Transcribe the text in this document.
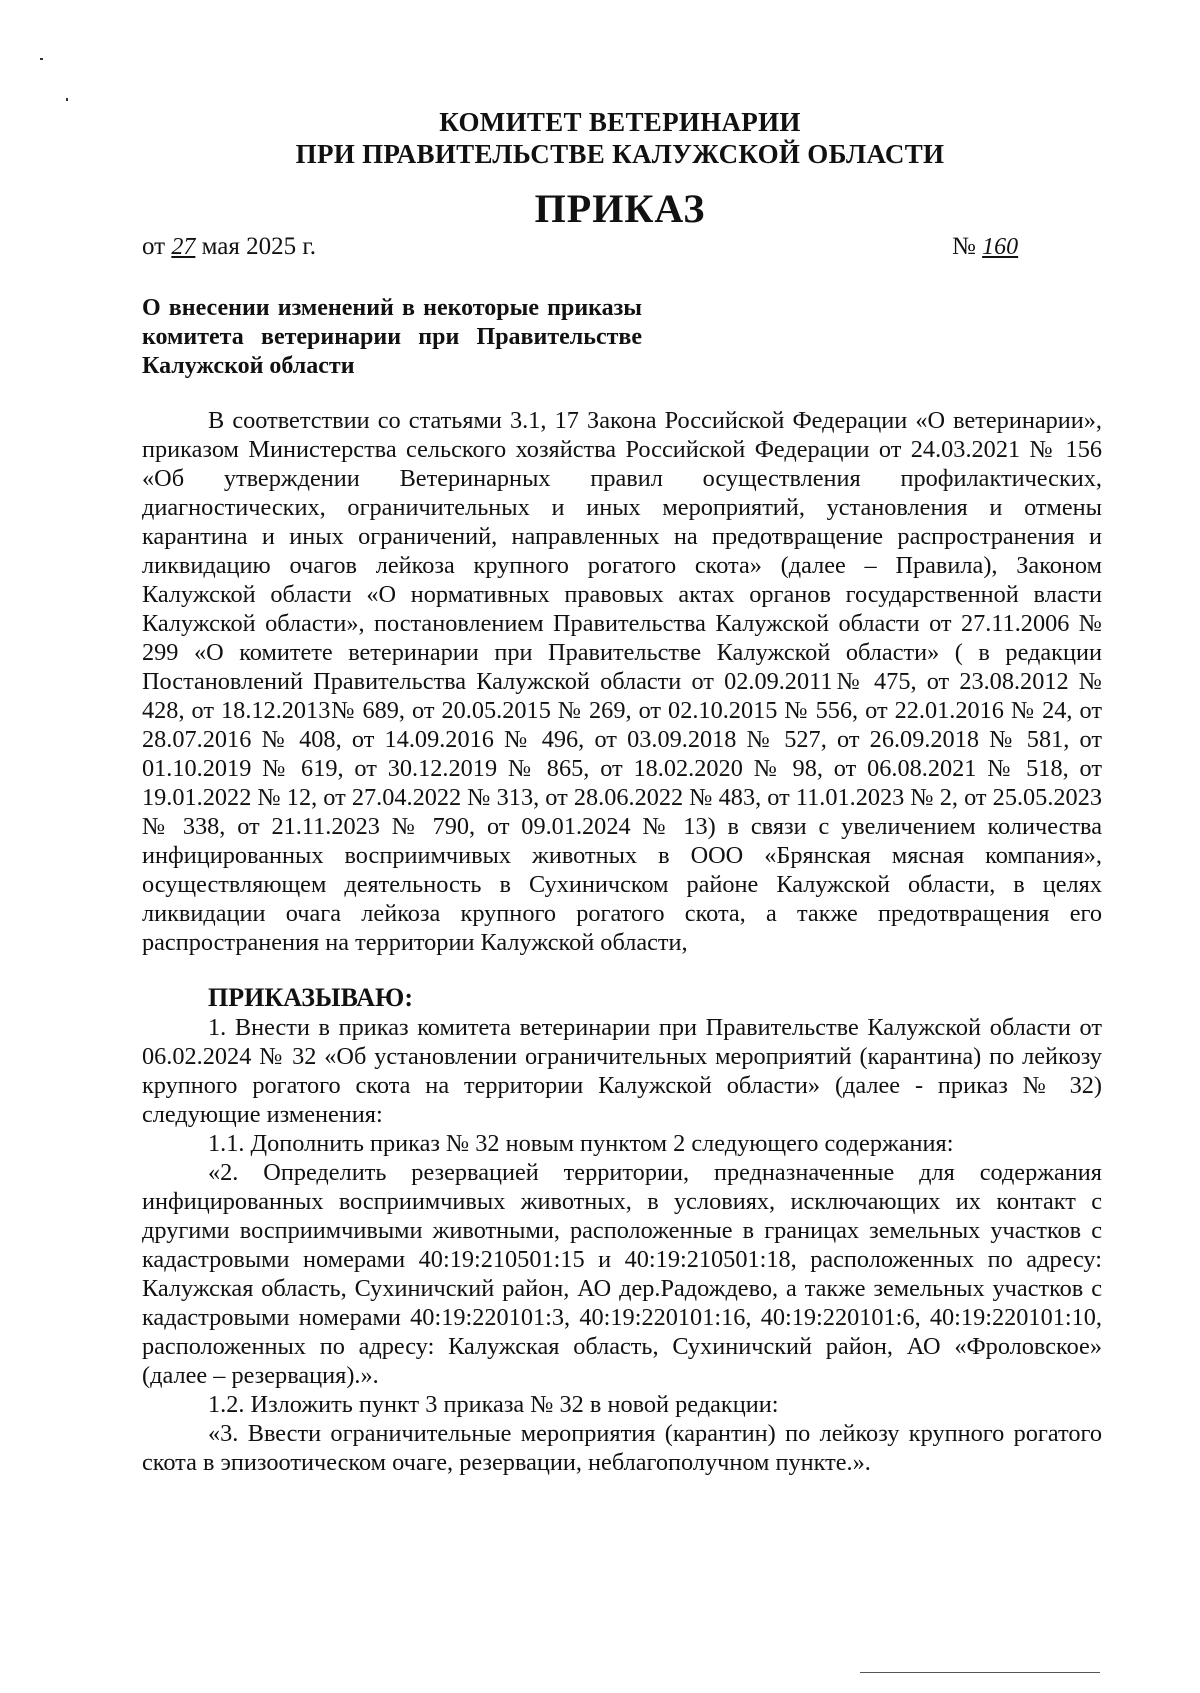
КОМИТЕТ ВЕТЕРИНАРИИ
ПРИ ПРАВИТЕЛЬСТВЕ КАЛУЖСКОЙ ОБЛАСТИ
ПРИКАЗ
от 27 мая 2025 г.	№ 160
О внесении изменений в некоторые приказы комитета ветеринарии при Правительстве Калужской области

В соответствии со статьями 3.1, 17 Закона Российской Федерации «О ветеринарии», приказом Министерства сельского хозяйства Российской Федерации от 24.03.2021 № 156 «Об утверждении Ветеринарных правил осуществления профилактических, диагностических, ограничительных и иных мероприятий, установления и отмены карантина и иных ограничений, направленных на предотвращение распространения и ликвидацию очагов лейкоза крупного рогатого скота» (далее – Правила), Законом Калужской области «О нормативных правовых актах органов государственной власти Калужской области», постановлением Правительства Калужской области от 27.11.2006 № 299 «О комитете ветеринарии при Правительстве Калужской области» ( в редакции Постановлений Правительства Калужской области от 02.09.2011№ 475, от 23.08.2012 № 428, от 18.12.2013№ 689, от 20.05.2015 № 269, от 02.10.2015 № 556, от 22.01.2016 № 24, от 28.07.2016 № 408, от 14.09.2016 № 496, от 03.09.2018 № 527, от 26.09.2018 № 581, от 01.10.2019 № 619, от 30.12.2019 № 865, от 18.02.2020 № 98, от 06.08.2021 № 518, от 19.01.2022 № 12, от 27.04.2022 № 313, от 28.06.2022 № 483, от 11.01.2023 № 2, от 25.05.2023 № 338, от 21.11.2023 № 790, от 09.01.2024 № 13) в связи с увеличением количества инфицированных восприимчивых животных в ООО «Брянская мясная компания», осуществляющем деятельность в Сухиничском районе Калужской области, в целях ликвидации очага лейкоза крупного рогатого скота, а также предотвращения его распространения на территории Калужской области,

ПРИКАЗЫВАЮ:

1. Внести в приказ комитета ветеринарии при Правительстве Калужской области от 06.02.2024 № 32 «Об установлении ограничительных мероприятий (карантина) по лейкозу крупного рогатого скота на территории Калужской области» (далее - приказ № 32) следующие изменения:

1.1. Дополнить приказ № 32 новым пунктом 2 следующего содержания:

«2. Определить резервацией территории, предназначенные для содержания инфицированных восприимчивых животных, в условиях, исключающих их контакт с другими восприимчивыми животными, расположенные в границах земельных участков с кадастровыми номерами 40:19:210501:15 и 40:19:210501:18, расположенных по адресу: Калужская область, Сухиничский район, АО дер.Радождево, а также земельных участков с кадастровыми номерами 40:19:220101:3, 40:19:220101:16, 40:19:220101:6, 40:19:220101:10, расположенных по адресу: Калужская область, Сухиничский район, АО «Фроловское» (далее – резервация).».

1.2. Изложить пункт 3 приказа № 32 в новой редакции:

«3. Ввести ограничительные мероприятия (карантин) по лейкозу крупного рогатого скота в эпизоотическом очаге, резервации, неблагополучном пункте.».
